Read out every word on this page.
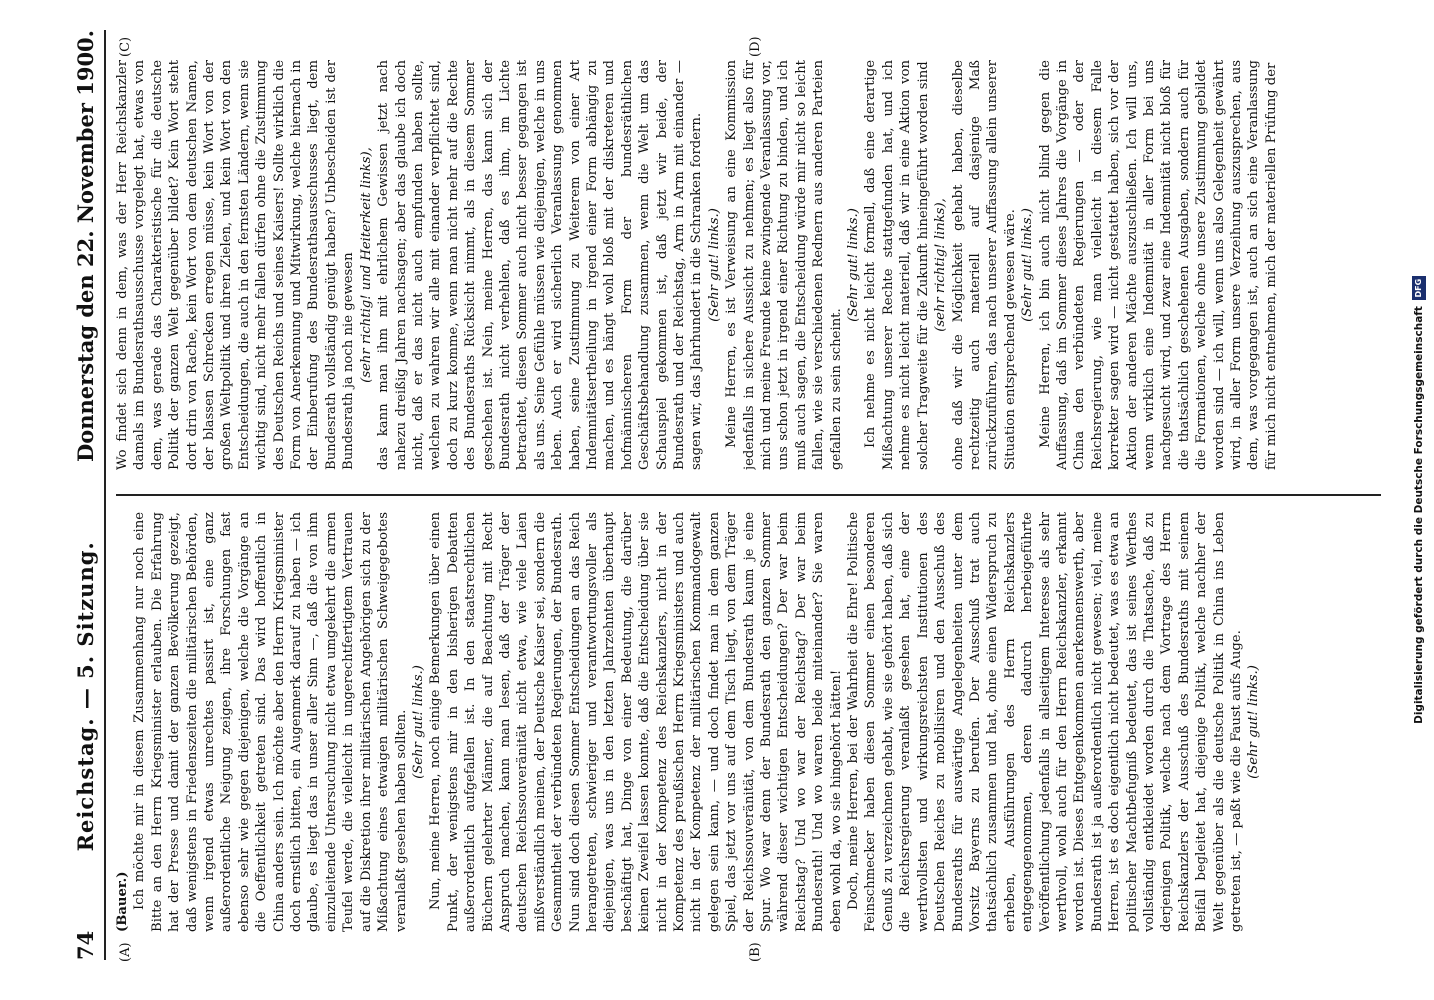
74
Reichstag. — 5. Sitzung.
Donnerstag den 22. November 1900.
(A)	(B)
(C)	(D)

(Bauer.) Ich möchte mir in diesem Zusammenhang nur noch eine Bitte an den Herrn Kriegsminister erlauben. Die Erfahrung hat der Presse und damit der ganzen Bevölkerung gezeigt, daß wenigstens in Friedenszeiten die militärischen Behörden, wenn irgend etwas unrechtes passirt ist, eine ganz außerordentliche Neigung zeigen, ihre Forschungen fast ebenso sehr wie gegen diejenigen, welche die Vorgänge an die Oeffentlichkeit getreten sind. Das wird hoffentlich in China anders sein. Ich möchte aber den Herrn Kriegsminister doch ernstlich bitten, ein Augenmerk darauf zu haben — ich glaube, es liegt das in unser aller Sinn —, daß die von ihm einzuleitende Untersuchung nicht etwa umgekehrt die armen Teufel werde, die vielleicht in ungerechtfertigtem Vertrauen auf die Diskretion ihrer militärischen Angehörigen sich zu der Mißachtung eines etwaigen militärischen Schweigegebotes veranlaßt gesehen haben sollten. (Sehr gut! links.) Nun, meine Herren, noch einige Bemerkungen über einen Punkt, der wenigstens mir in den bisherigen Debatten außerordentlich aufgefallen ist. In den staatsrechtlichen Büchern gelehrter Männer, die auf Beachtung mit Recht Anspruch machen, kann man lesen, daß der Träger der deutschen Reichssouveränität nicht etwa, wie viele Laien mißverständlich meinen, der Deutsche Kaiser sei, sondern die Gesammtheit der verbündeten Regierungen, der Bundesrath. Nun sind doch diesen Sommer Entscheidungen an das Reich herangetreten, schwieriger und verantwortungsvoller als diejenigen, was uns in den letzten Jahrzehnten überhaupt beschäftigt hat, Dinge von einer Bedeutung, die darüber keinen Zweifel lassen konnte, daß die Entscheidung über sie nicht in der Kompetenz des Reichskanzlers, nicht in der Kompetenz des preußischen Herrn Kriegsministers und auch nicht in der Kompetenz der militärischen Kommandogewalt gelegen sein kann, — und doch findet man in dem ganzen Spiel, das jetzt vor uns auf dem Tisch liegt, von dem Träger der Reichssouveränität, von dem Bundesrath kaum je eine Spur. Wo war denn der Bundesrath den ganzen Sommer während dieser wichtigen Entscheidungen? Der war beim Reichstag? Und wo war der Reichstag? Der war beim Bundesrath! Und wo waren beide miteinander? Sie waren eben wohl da, wo sie hingehört hätten! Doch, meine Herren, bei der Wahrheit die Ehre! Politische Feinschmecker haben diesen Sommer einen besonderen Genuß zu verzeichnen gehabt, wie sie gehört haben, daß sich die Reichsregierung veranlaßt gesehen hat, eine der werthvollsten und wirkungsreichsten Institutionen des Deutschen Reiches zu mobilisiren und den Ausschuß des Bundesraths für auswärtige Angelegenheiten unter dem Vorsitz Bayerns zu berufen. Der Ausschuß trat auch thatsächlich zusammen und hat, ohne einen Widerspruch zu erheben, Ausführungen des Herrn Reichskanzlers entgegengenommen, deren dadurch herbeigeführte Veröffentlichung jedenfalls in allseitigem Interesse als sehr werthvoll, wohl auch für den Herrn Reichskanzler, erkannt worden ist. Dieses Entgegenkommen anerkennenswerth, aber Bundesrath ist ja außerordentlich nicht gewesen; viel, meine Herren, ist es doch eigentlich nicht bedeutet, was es etwa an politischer Machtbefugniß bedeutet, das ist seines Werthes vollständig entkleidet worden durch die Thatsache, daß zu derjenigen Politik, welche nach dem Vortrage des Herrn Reichskanzlers der Ausschuß des Bundesraths mit seinem Beifall begleitet hat, diejenige Politik, welche nachher der Welt gegenüber als die deutsche Politik in China ins Leben getreten ist, — paßt wie die Faust aufs Auge. (Sehr gut! links.)

Wo findet sich denn in dem, was der Herr Reichskanzler damals im Bundesrathsausschusse vorgelegt hat, etwas von dem, was gerade das Charakteristische für die deutsche Politik der ganzen Welt gegenüber bildet? Kein Wort steht dort drin von Rache, kein Wort von dem deutschen Namen, der blassen Schrecken erregen müsse, kein Wort von der großen Weltpolitik und ihren Zielen, und kein Wort von den Entscheidungen, die auch in den fernsten Ländern, wenn sie wichtig sind, nicht mehr fallen dürfen ohne die Zustimmung des Deutschen Reichs und seines Kaisers! Sollte wirklich die Form von Anerkennung und Mitwirkung, welche hiernach in der Einberufung des Bundesrathsausschusses liegt, dem Bundesrath vollständig genügt haben? Unbescheiden ist der Bundesrath ja noch nie gewesen (sehr richtig! und Heiterkeit links), das kann man ihm mit ehrlichem Gewissen jetzt nach nahezu dreißig Jahren nachsagen; aber das glaube ich doch nicht, daß er das nicht auch empfunden haben sollte, welchen zu wahren wir alle mit einander verpflichtet sind, doch zu kurz komme, wenn man nicht mehr auf die Rechte des Bundesraths Rücksicht nimmt, als in diesem Sommer geschehen ist. Nein, meine Herren, das kann sich der Bundesrath nicht verhehlen, daß es ihm, im Lichte betrachtet, diesen Sommer auch nicht besser gegangen ist als uns. Seine Gefühle müssen wie diejenigen, welche in uns leben. Auch er wird sicherlich Veranlassung genommen haben, seine Zustimmung zu Weiterem von einer Art Indemnitätsertheilung in irgend einer Form abhängig zu machen, und es hängt wohl bloß mit der diskreteren und hofmännischeren Form der bundesräthlichen Geschäftsbehandlung zusammen, wenn die Welt um das Schauspiel gekommen ist, daß jetzt wir beide, der Bundesrath und der Reichstag, Arm in Arm mit einander — sagen wir, das Jahrhundert in die Schranken fordern. (Sehr gut! links.) Meine Herren, es ist Verweisung an eine Kommission jedenfalls in sichere Aussicht zu nehmen; es liegt also für mich und meine Freunde keine zwingende Veranlassung vor, uns schon jetzt in irgend einer Richtung zu binden, und ich muß auch sagen, die Entscheidung würde mir nicht so leicht fallen, wie sie verschiedenen Rednern aus anderen Parteien gefallen zu sein scheint.

(Sehr gut! links.) Ich nehme es nicht leicht formell, daß eine derartige Mißachtung unserer Rechte stattgefunden hat, und ich nehme es nicht leicht materiell, daß wir in eine Aktion von solcher Tragweite für die Zukunft hineingeführt worden sind (sehr richtig! links), ohne daß wir die Möglichkeit gehabt haben, dieselbe rechtzeitig auch materiell auf dasjenige Maß zurückzuführen, das nach unserer Auffassung allein unserer Situation entsprechend gewesen wäre. (Sehr gut! links.) Meine Herren, ich bin auch nicht blind gegen die Auffassung, daß im Sommer dieses Jahres die Vorgänge in China den verbündeten Regierungen — oder der Reichsregierung, wie man vielleicht in diesem Falle korrekter sagen wird — nicht gestattet haben, sich vor der Aktion der anderen Mächte auszuschließen. Ich will uns, wenn wirklich eine Indemnität in aller Form bei uns nachgesucht wird, und zwar eine Indemnität nicht bloß für die thatsächlich geschehenen Ausgaben, sondern auch für die Formationen, welche ohne unsere Zustimmung gebildet worden sind — ich will, wenn uns also Gelegenheit gewährt wird, in aller Form unsere Verzeihung auszusprechen, aus dem, was vorgegangen ist, auch an sich eine Veranlassung für mich nicht entnehmen, mich der materiellen Prüfung der

Digitalisierung gefördert durch die Deutsche Forschungsgemeinschaft
DFG
